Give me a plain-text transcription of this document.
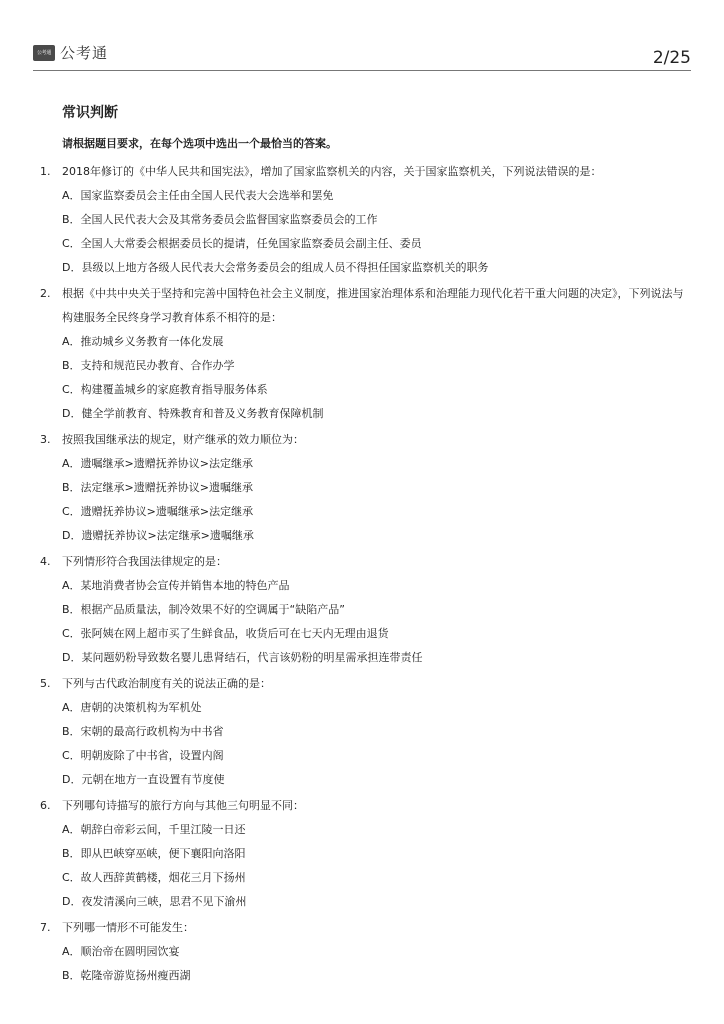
公考通 公考通	2/25
常识判断
请根据题目要求，在每个选项中选出一个最恰当的答案。
1.	2018年修订的《中华人民共和国宪法》，增加了国家监察机关的内容，关于国家监察机关，下列说法错误的是：
A．国家监察委员会主任由全国人民代表大会选举和罢免
B．全国人民代表大会及其常务委员会监督国家监察委员会的工作
C．全国人大常委会根据委员长的提请，任免国家监察委员会副主任、委员
D．县级以上地方各级人民代表大会常务委员会的组成人员不得担任国家监察机关的职务
2.	根据《中共中央关于坚持和完善中国特色社会主义制度，推进国家治理体系和治理能力现代化若干重大问题的决定》，下列说法与构建服务全民终身学习教育体系不相符的是：
A．推动城乡义务教育一体化发展
B．支持和规范民办教育、合作办学
C．构建覆盖城乡的家庭教育指导服务体系
D．健全学前教育、特殊教育和普及义务教育保障机制
3.	按照我国继承法的规定，财产继承的效力顺位为：
A．遗嘱继承>遗赠抚养协议>法定继承
B．法定继承>遗赠抚养协议>遗嘱继承
C．遗赠抚养协议>遗嘱继承>法定继承
D．遗赠抚养协议>法定继承>遗嘱继承
4.	下列情形符合我国法律规定的是：
A．某地消费者协会宣传并销售本地的特色产品
B．根据产品质量法，制冷效果不好的空调属于“缺陷产品”
C．张阿姨在网上超市买了生鲜食品，收货后可在七天内无理由退货
D．某问题奶粉导致数名婴儿患肾结石，代言该奶粉的明星需承担连带责任
5.	下列与古代政治制度有关的说法正确的是：
A．唐朝的决策机构为军机处
B．宋朝的最高行政机构为中书省
C．明朝废除了中书省，设置内阁
D．元朝在地方一直设置有节度使
6.	下列哪句诗描写的旅行方向与其他三句明显不同：
A．朝辞白帝彩云间，千里江陵一日还
B．即从巴峡穿巫峡，便下襄阳向洛阳
C．故人西辞黄鹤楼，烟花三月下扬州
D．夜发清溪向三峡，思君不见下渝州
7.	下列哪一情形不可能发生：
A．顺治帝在圆明园饮宴
B．乾隆帝游览扬州瘦西湖
